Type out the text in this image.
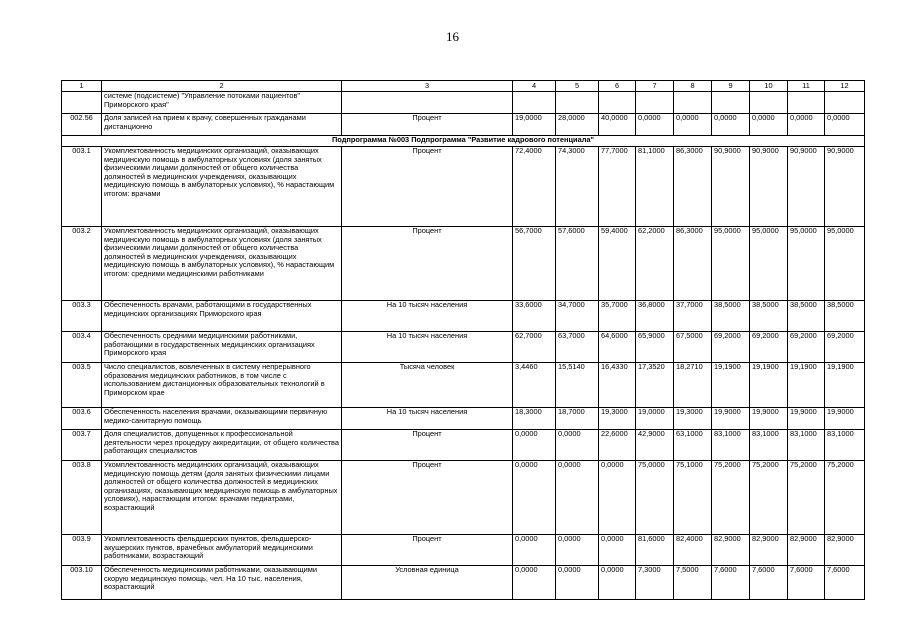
16
1	2	3	4	5	6	7	8	9	10	11	12
	системе (подсистеме) "Управление потоками пациентов" Приморского края"										
002.56	Доля записей на прием к врачу, совершенных гражданами дистанционно	Процент	19,0000	28,0000	40,0000	0,0000	0,0000	0,0000	0,0000	0,0000	0,0000
Подпрограмма №003 Подпрограмма "Развитие кадрового потенциала"											
003.1	Укомплектованность медицинских организаций, оказывающих медицинскую помощь в амбулаторных условиях (доля занятых физическими лицами должностей от общего количества должностей в медицинских учреждениях, оказывающих медицинскую помощь в амбулаторных условиях), % нарастающим итогом: врачами	Процент	72,4000	74,3000	77,7000	81,1000	86,3000	90,9000	90,9000	90,9000	90,9000
003.2	Укомплектованность медицинских организаций, оказывающих медицинскую помощь в амбулаторных условиях (доля занятых физическими лицами должностей от общего количества должностей в медицинских учреждениях, оказывающих медицинскую помощь в амбулаторных условиях), % нарастающим итогом: средними медицинскими работниками	Процент	56,7000	57,6000	59,4000	62,2000	86,3000	95,0000	95,0000	95,0000	95,0000
003.3	Обеспеченность врачами, работающими в государственных медицинских организациях Приморского края	На 10 тысяч населения	33,6000	34,7000	35,7000	36,8000	37,7000	38,5000	38,5000	38,5000	38,5000
003.4	Обеспеченность средними медицинскими работниками, работающими в государственных медицинских организациях Приморского края	На 10 тысяч населения	62,7000	63,7000	64,6000	65,9000	67,5000	69,2000	69,2000	69,2000	69,2000
003.5	Число специалистов, вовлеченных в систему непрерывного образования медицинских работников, в том числе с использованием дистанционных образовательных технологий в Приморском крае	Тысяча человек	3,4460	15,5140	16,4330	17,3520	18,2710	19,1900	19,1900	19,1900	19,1900
003.6	Обеспеченность населения врачами, оказывающими первичную медико-санитарную помощь	На 10 тысяч населения	18,3000	18,7000	19,3000	19,0000	19,3000	19,9000	19,9000	19,9000	19,9000
003.7	Доля специалистов, допущенных к профессиональной деятельности через процедуру аккредитации, от общего количества работающих специалистов	Процент	0,0000	0,0000	22,6000	42,9000	63,1000	83,1000	83,1000	83,1000	83,1000
003.8	Укомплектованность медицинских организаций, оказывающих медицинскую помощь детям (доля занятых физическими лицами должностей от общего количества должностей в медицинских организациях, оказывающих медицинскую помощь в амбулаторных условиях), нарастающим итогом: врачами педиатрами, возрастающий	Процент	0,0000	0,0000	0,0000	75,0000	75,1000	75,2000	75,2000	75,2000	75,2000
003.9	Укомплектованность фельдшерских пунктов, фельдшерско-акушерских пунктов, врачебных амбулаторий медицинскими работниками, возрастающий	Процент	0,0000	0,0000	0,0000	81,6000	82,4000	82,9000	82,9000	82,9000	82,9000
003.10	Обеспеченность медицинскими работниками, оказывающими скорую медицинскую помощь, чел. На 10 тыс. населения, возрастающий	Условная единица	0,0000	0,0000	0,0000	7,3000	7,5000	7,6000	7,6000	7,6000	7,6000
